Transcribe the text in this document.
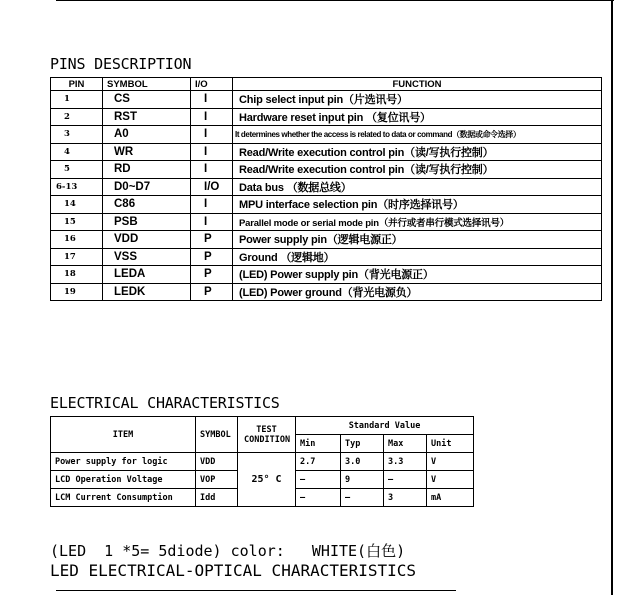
PINS DESCRIPTION
PIN	SYMBOL	I/O	FUNCTION
1	CS	I	Chip select input pin（片选讯号）
2	RST	I	Hardware reset input pin （复位讯号）
3	A0	I	It determines whether the access is related to data or command（数据或命令选择）
4	WR	I	Read/Write execution control pin（读/写执行控制）
5	RD	I	Read/Write execution control pin（读/写执行控制）
6-13	D0~D7	I/O	Data bus （数据总线）
14	C86	I	MPU interface selection pin（时序选择讯号）
15	PSB	I	Parallel mode or serial mode pin（并行或者串行模式选择讯号）
16	VDD	P	Power supply pin（逻辑电源正）
17	VSS	P	Ground （逻辑地）
18	LEDA	P	(LED) Power supply pin（背光电源正）
19	LEDK	P	(LED) Power ground（背光电源负）
ELECTRICAL CHARACTERISTICS
ITEM	SYMBOL	TEST CONDITION	Standard Value			
			Min	Typ	Max	Unit
Power supply for logic	VDD	25° C	2.7	3.0	3.3	V
LCD Operation Voltage	VOP		—	9	—	V
LCM Current Consumption	Idd		—	—	3	mA
(LED  1 *5= 5diode) color:   WHITE(白色)
LED ELECTRICAL-OPTICAL CHARACTERISTICS
